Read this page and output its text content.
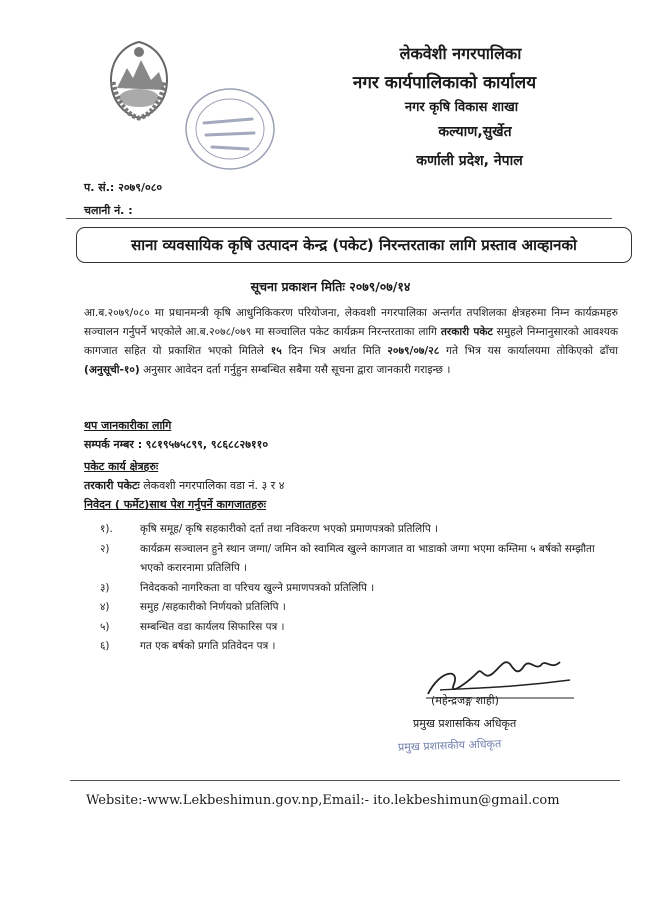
लेकवेशी नगरपालिका
नगर कार्यपालिकाको कार्यालय
नगर कृषि विकास शाखा
कल्याण,सुर्खेत
कर्णाली प्रदेश, नेपाल
प. सं.: २०७९/०८०
चलानी नं. :
साना व्यवसायिक कृषि उत्पादन केन्द्र (पकेट) निरन्तरताका लागि प्रस्ताव आव्हानको
सूचना प्रकाशन मितिः २०७९/०७/१४
आ.ब.२०७९/०८० मा प्रधानमन्त्री कृषि आधुनिकिकरण परियोजना, लेकवशी नगरपालिका अन्तर्गत तपशिलका क्षेत्रहरुमा निम्न कार्यक्रमहरु सञ्चालन गर्नुपर्ने भएकोले आ.ब.२०७८/०७९ मा सञ्चालित पकेट कार्यक्रम निरन्तरताका लागि तरकारी पकेट समुहले निम्नानुसारको आवश्यक कागजात सहित यो प्रकाशित भएको मितिले १५ दिन भित्र अर्थात मिति २०७९/०७/२८ गते भित्र यस कार्यालयमा तोकिएको ढाँचा (अनुसूची-१०) अनुसार आवेदन दर्ता गर्नुहुन सम्बन्धित सबैमा यसै सूचना द्वारा जानकारी गराइन्छ ।
थप जानकारीका लागि
सम्पर्क नम्बर : ९८१९५७५८९९, ९८६८८२७११०
पकेट कार्य क्षेत्रहरुः
तरकारी पकेटः लेकवशी नगरपालिका वडा नं. ३ र ४
निवेदन ( फर्मेट)साथ पेश गर्नुपर्ने कागजातहरुः
१).	कृषि समूह/ कृषि सहकारीको दर्ता तथा नविकरण भएको प्रमाणपत्रको प्रतिलिपि ।
२)	कार्यक्रम सञ्चालन हुने स्थान जग्गा/ जमिन को स्वामित्व खुल्ने कागजात वा भाडाको जग्गा भएमा कम्तिमा ५ बर्षको सम्झौता भएको करारनामा प्रतिलिपि ।
३)	निवेदकको नागरिकता वा परिचय खुल्ने प्रमाणपत्रको प्रतिलिपि ।
४)	समुह /सहकारीको निर्णयको प्रतिलिपि ।
५)	सम्बन्धित वडा कार्यलय सिफारिस पत्र ।
६)	गत एक बर्षको प्रगति प्रतिवेदन पत्र ।
(महेन्द्रजङ्ग शाही)
प्रमुख प्रशासकिय अधिकृत
प्रमुख प्रशासकीय अधिकृत
Website:-www.Lekbeshimun.gov.np,Email:- ito.lekbeshimun@gmail.com
